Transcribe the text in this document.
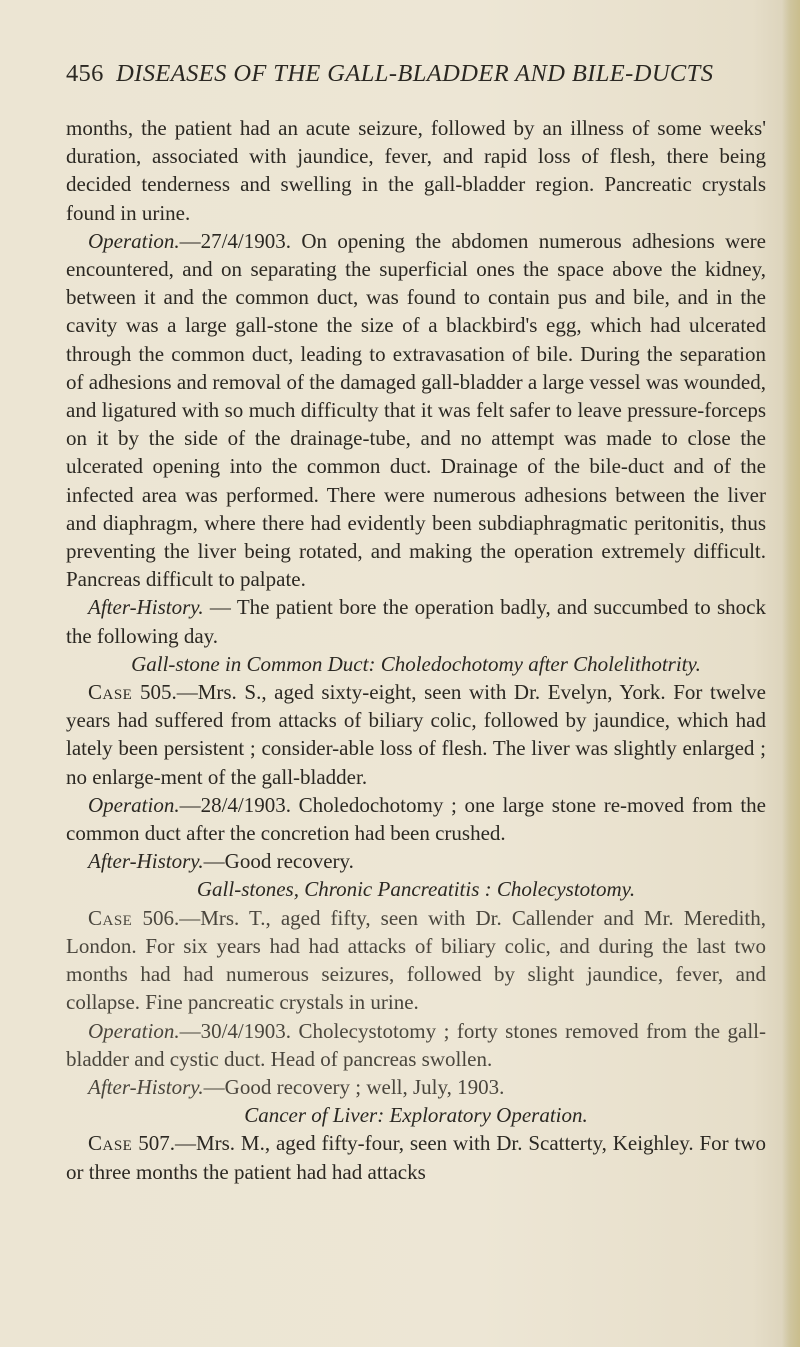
456 DISEASES OF THE GALL-BLADDER AND BILE-DUCTS

months, the patient had an acute seizure, followed by an illness of some weeks' duration, associated with jaundice, fever, and rapid loss of flesh, there being decided tenderness and swelling in the gall-bladder region. Pancreatic crystals found in urine.

Operation.—27/4/1903. On opening the abdomen numerous adhesions were encountered, and on separating the superficial ones the space above the kidney, between it and the common duct, was found to contain pus and bile, and in the cavity was a large gall-stone the size of a blackbird's egg, which had ulcerated through the common duct, leading to extravasation of bile. During the separation of adhesions and removal of the damaged gall-bladder a large vessel was wounded, and ligatured with so much difficulty that it was felt safer to leave pressure-forceps on it by the side of the drainage-tube, and no attempt was made to close the ulcerated opening into the common duct. Drainage of the bile-duct and of the infected area was performed. There were numerous adhesions between the liver and diaphragm, where there had evidently been subdiaphragmatic peritonitis, thus preventing the liver being rotated, and making the operation extremely difficult. Pancreas difficult to palpate.

After-History. — The patient bore the operation badly, and succumbed to shock the following day.

Gall-stone in Common Duct: Choledochotomy after Cholelithotrity.

Case 505.—Mrs. S., aged sixty-eight, seen with Dr. Evelyn, York. For twelve years had suffered from attacks of biliary colic, followed by jaundice, which had lately been persistent ; consider-able loss of flesh. The liver was slightly enlarged ; no enlarge-ment of the gall-bladder.

Operation.—28/4/1903. Choledochotomy ; one large stone re-moved from the common duct after the concretion had been crushed.

After-History.—Good recovery.

Gall-stones, Chronic Pancreatitis : Cholecystotomy.

Case 506.—Mrs. T., aged fifty, seen with Dr. Callender and Mr. Meredith, London. For six years had had attacks of biliary colic, and during the last two months had had numerous seizures, followed by slight jaundice, fever, and collapse. Fine pancreatic crystals in urine.

Operation.—30/4/1903. Cholecystotomy ; forty stones removed from the gall-bladder and cystic duct. Head of pancreas swollen.

After-History.—Good recovery ; well, July, 1903.

Cancer of Liver: Exploratory Operation.

Case 507.—Mrs. M., aged fifty-four, seen with Dr. Scatterty, Keighley. For two or three months the patient had had attacks
